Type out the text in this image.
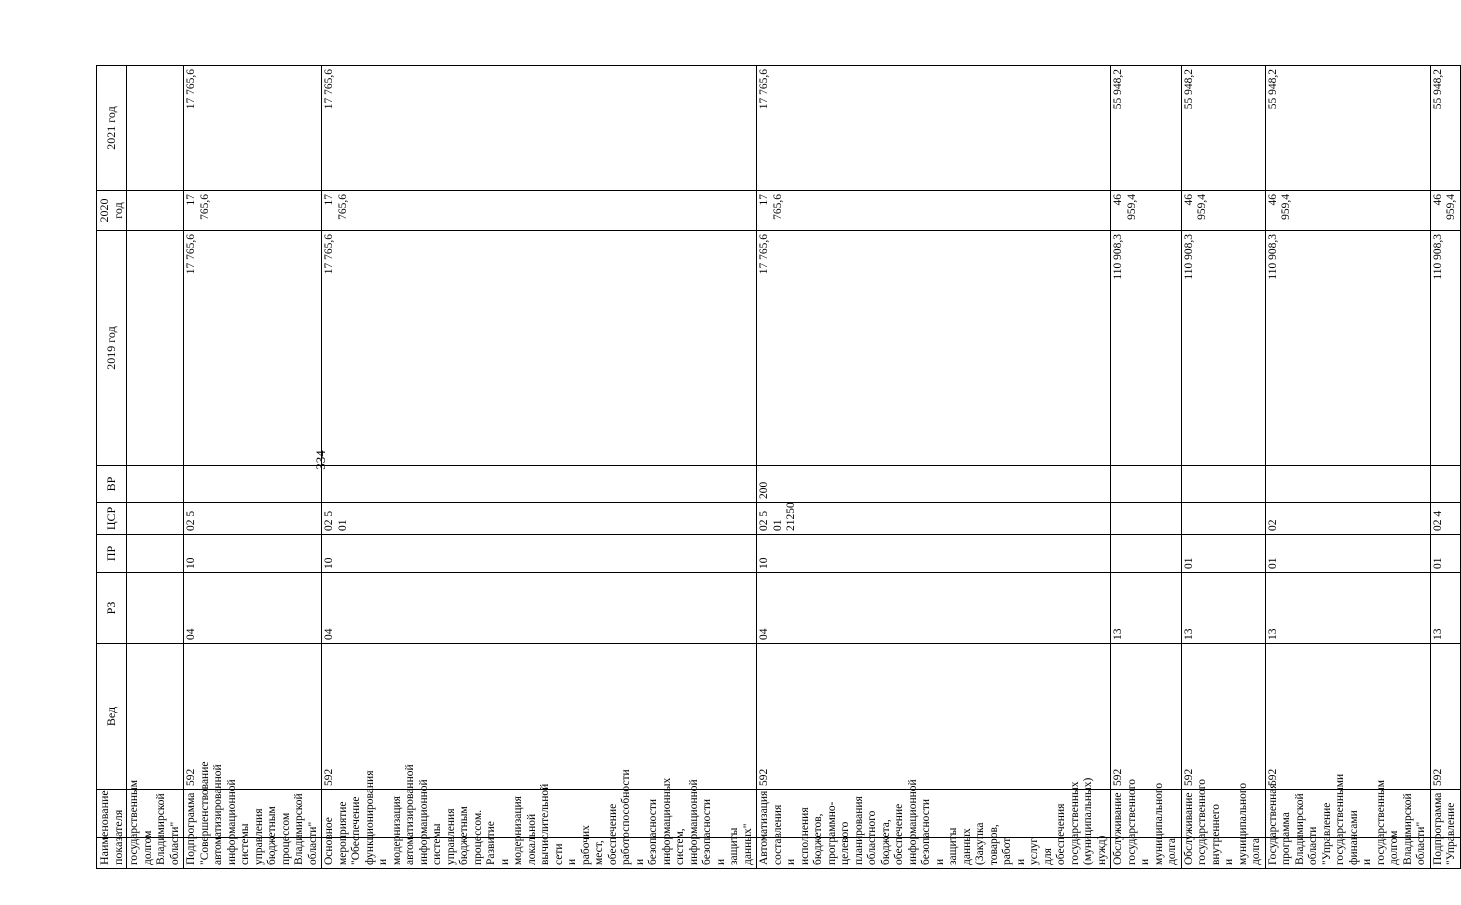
334
Наименование показателя		Вед	РЗ	ПР	ЦСР	ВР	2019 год	2020 год	2021 год
государственным долгом Владимирской области"									
Подпрограмма "Совершенствование автоматизированной информационной системы управления бюджетным процессом Владимирской области"		592	04	10	02 5		17 765,6	17 765,6	17 765,6
Основное мероприятие "Обеспечение функционирования и модернизация автоматизированной информационной системы управления бюджетным процессом. Развитие и модернизация локальной вычислительной сети и рабочих мест, обеспечение работоспособности и безопасности информационных систем, информационной безопасности и защиты данных"		592	04	10	02 5 01		17 765,6	17 765,6	17 765,6
Автоматизация составления и исполнения бюджетов, программно-целевого планирования областного бюджета, обеспечение информационной безопасности и защиты данных (Закупка товаров, работ и услуг для обеспечения государственных (муниципальных) нужд)		592	04	10	02 5 01 21250	200	17 765,6	17 765,6	17 765,6
Обслуживание государственного и муниципального долга		592	13				110 908,3	46 959,4	55 948,2
Обслуживание государственного внутреннего и муниципального долга		592	13	01			110 908,3	46 959,4	55 948,2
Государственная программа Владимирской области "Управление государственными финансами и государственным долгом Владимирской области"		592	13	01	02		110 908,3	46 959,4	55 948,2
Подпрограмма "Управление		592	13	01	02 4		110 908,3	46 959,4	55 948,2
